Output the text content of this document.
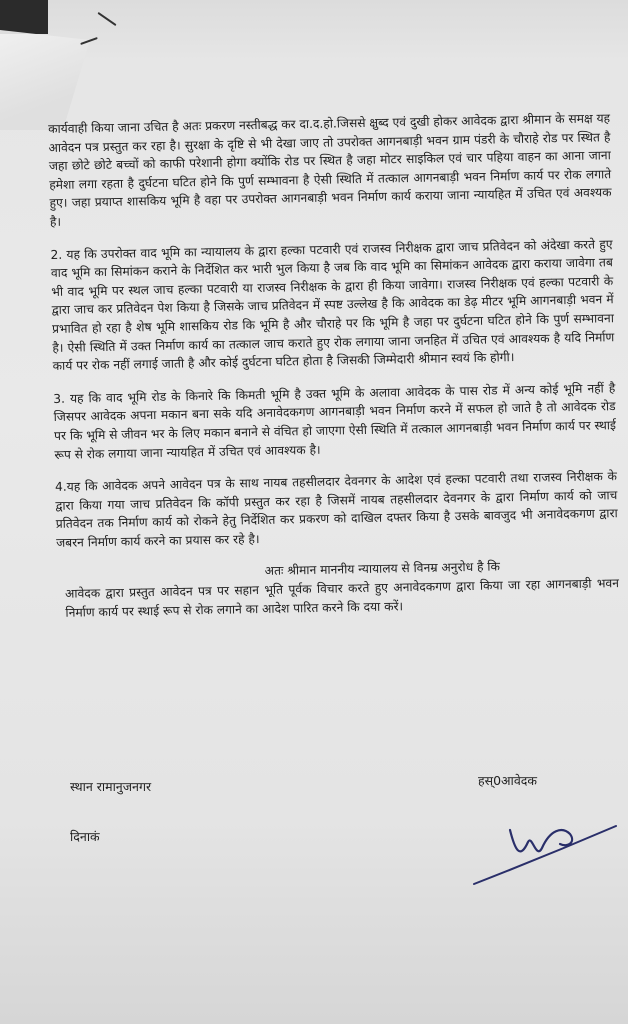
कार्यवाही किया जाना उचित है अतः प्रकरण नस्तीबद्ध कर दा.द.हो.जिससे क्षुब्द एवं दुखी होकर आवेदक द्वारा श्रीमान के समक्ष यह आवेदन पत्र प्रस्तुत कर रहा है। सुरक्षा के दृष्टि से भी देखा जाए तो उपरोक्त आगनबाड़ी भवन ग्राम पंडरी के चौराहे रोड पर स्थित है जहा छोटे छोटे बच्चों को काफी परेशानी होगा क्योंकि रोड पर स्थित है जहा मोटर साइकिल एवं चार पहिया वाहन का आना जाना हमेशा लगा रहता है दुर्घटना घटित होने कि पुर्ण सम्भावना है ऐसी स्थिति में तत्काल आगनबाड़ी भवन निर्माण कार्य पर रोक लगाते हुए। जहा प्रयाप्त शासकिय भूमि है वहा पर उपरोक्त आगनबाड़ी भवन निर्माण कार्य कराया जाना न्यायहित में उचित एवं अवश्यक है।

2. यह कि उपरोक्त वाद भूमि का न्यायालय के द्वारा हल्का पटवारी एवं राजस्व निरीक्षक द्वारा जाच प्रतिवेदन को अंदेखा करते हुए वाद भूमि का सिमांकन कराने के निर्देशित कर भारी भुल किया है जब कि वाद भूमि का सिमांकन आवेदक द्वारा कराया जावेगा तब भी वाद भूमि पर स्थल जाच हल्का पटवारी या राजस्व निरीक्षक के द्वारा ही किया जावेगा। राजस्व निरीक्षक एवं हल्का पटवारी के द्वारा जाच कर प्रतिवेदन पेश किया है जिसके जाच प्रतिवेदन में स्पष्ट उल्लेख है कि आवेदक का डेढ़ मीटर भूमि आगनबाड़ी भवन में प्रभावित हो रहा है शेष भूमि शासकिय रोड कि भूमि है और चौराहे पर कि भूमि है जहा पर दुर्घटना घटित होने कि पुर्ण सम्भावना है। ऐसी स्थिति में उक्त निर्माण कार्य का तत्काल जाच कराते हुए रोक लगाया जाना जनहित में उचित एवं आवश्यक है यदि निर्माण कार्य पर रोक नहीं लगाई जाती है और कोई दुर्घटना घटित होता है जिसकी जिम्मेदारी श्रीमान स्वयं कि होगी।

3. यह कि वाद भूमि रोड के किनारे कि किमती भूमि है उक्त भूमि के अलावा आवेदक के पास रोड में अन्य कोई भूमि नहीं है जिसपर आवेदक अपना मकान बना सके यदि अनावेदकगण आगनबाड़ी भवन निर्माण करने में सफल हो जाते है तो आवेदक रोड पर कि भूमि से जीवन भर के लिए मकान बनाने से वंचित हो जाएगा ऐसी स्थिति में तत्काल आगनबाड़ी भवन निर्माण कार्य पर स्थाई रूप से रोक लगाया जाना न्यायहित में उचित एवं आवश्यक है।

4.यह कि आवेदक अपने आवेदन पत्र के साथ नायब तहसीलदार देवनगर के आदेश एवं हल्का पटवारी तथा राजस्व निरीक्षक के द्वारा किया गया जाच प्रतिवेदन कि कॉपी प्रस्तुत कर रहा है जिसमें नायब तहसीलदार देवनगर के द्वारा निर्माण कार्य को जाच प्रतिवेदन तक निर्माण कार्य को रोकने हेतु निर्देशित कर प्रकरण को दाखिल दफ्तर किया है उसके बावजुद भी अनावेदकगण द्वारा जबरन निर्माण कार्य करने का प्रयास कर रहे है।

अतः श्रीमान माननीय न्यायालय से विनम्र अनुरोध है कि
आवेदक द्वारा प्रस्तुत आवेदन पत्र पर सहान भूति पूर्वक विचार करते हुए अनावेदकगण द्वारा किया जा रहा आगनबाड़ी भवन निर्माण कार्य पर स्थाई रूप से रोक लगाने का आदेश पारित करने कि दया करें।

स्थान रामानुजनगर	हस्0आवेदक
दिनाकं
